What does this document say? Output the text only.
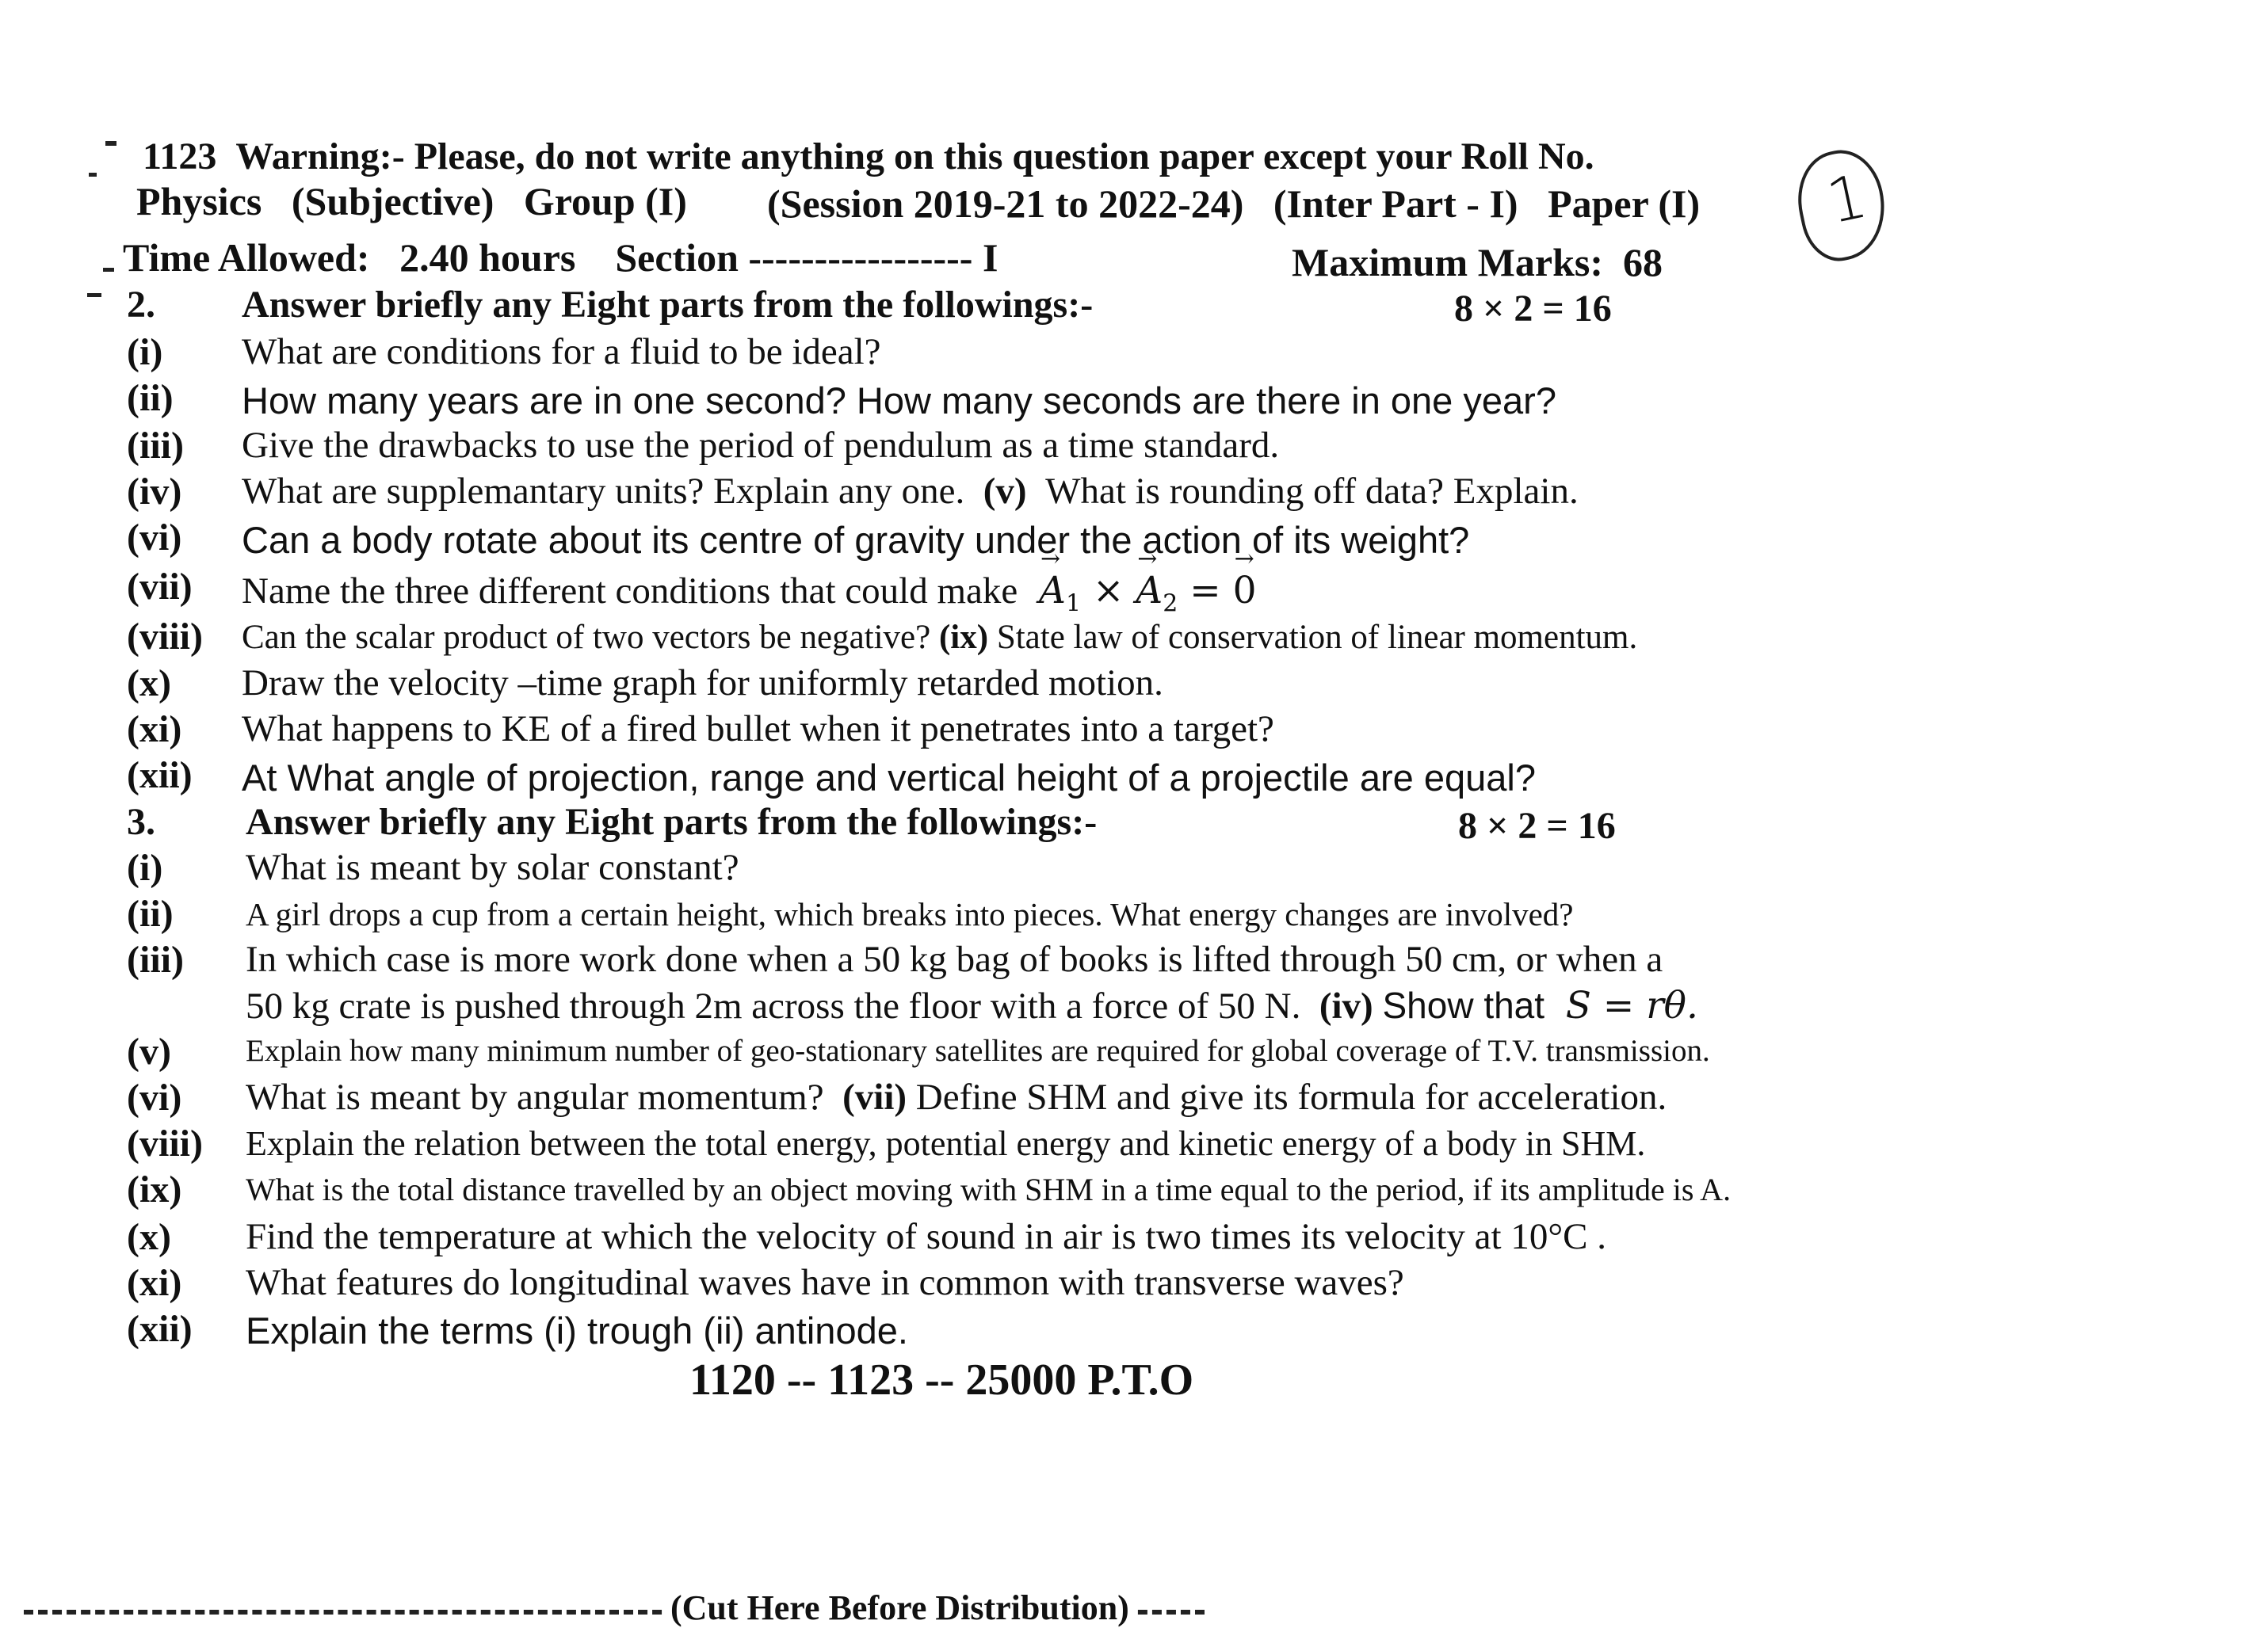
1123 Warning:- Please, do not write anything on this question paper except your Roll No.
Physics (Subjective) Group (I) (Session 2019-21 to 2022-24) (Inter Part - I) Paper (I) 1
Time Allowed: 2.40 hours Section ----------------- I	Maximum Marks: 68
2. Answer briefly any Eight parts from the followings:-	8 × 2 = 16
(i) What are conditions for a fluid to be ideal?
(ii) How many years are in one second? How many seconds are there in one year?
(iii) Give the drawbacks to use the period of pendulum as a time standard.
(iv) What are supplemantary units? Explain any one. (v) What is rounding off data? Explain.
(vi) Can a body rotate about its centre of gravity under the action of its weight?
(vii) Name the three different conditions that could make  → $A_1$ × → $A_2$ = → 0
(viii) Can the scalar product of two vectors be negative? (ix) State law of conservation of linear momentum.
(x) Draw the velocity –time graph for uniformly retarded motion.
(xi) What happens to KE of a fired bullet when it penetrates into a target?
(xii) At What angle of projection, range and vertical height of a projectile are equal?
3. Answer briefly any Eight parts from the followings:-	8 × 2 = 16
(i) What is meant by solar constant?
(ii) A girl drops a cup from a certain height, which breaks into pieces. What energy changes are involved?
(iii) In which case is more work done when a 50 kg bag of books is lifted through 50 cm, or when a
50 kg crate is pushed through 2m across the floor with a force of 50 N. (iv) Show that  S = rθ.
(v) Explain how many minimum number of geo-stationary satellites are required for global coverage of T.V. transmission.
(vi) What is meant by angular momentum? (vii) Define SHM and give its formula for acceleration.
(viii) Explain the relation between the total energy, potential energy and kinetic energy of a body in SHM.
(ix) What is the total distance travelled by an object moving with SHM in a time equal to the period, if its amplitude is A.
(x) Find the temperature at which the velocity of sound in air is two times its velocity at 10°C .
(xi) What features do longitudinal waves have in common with transverse waves?
(xii) Explain the terms (i) trough (ii) antinode.
1120 -- 1123 -- 25000 P.T.O
(Cut Here Before Distribution)
